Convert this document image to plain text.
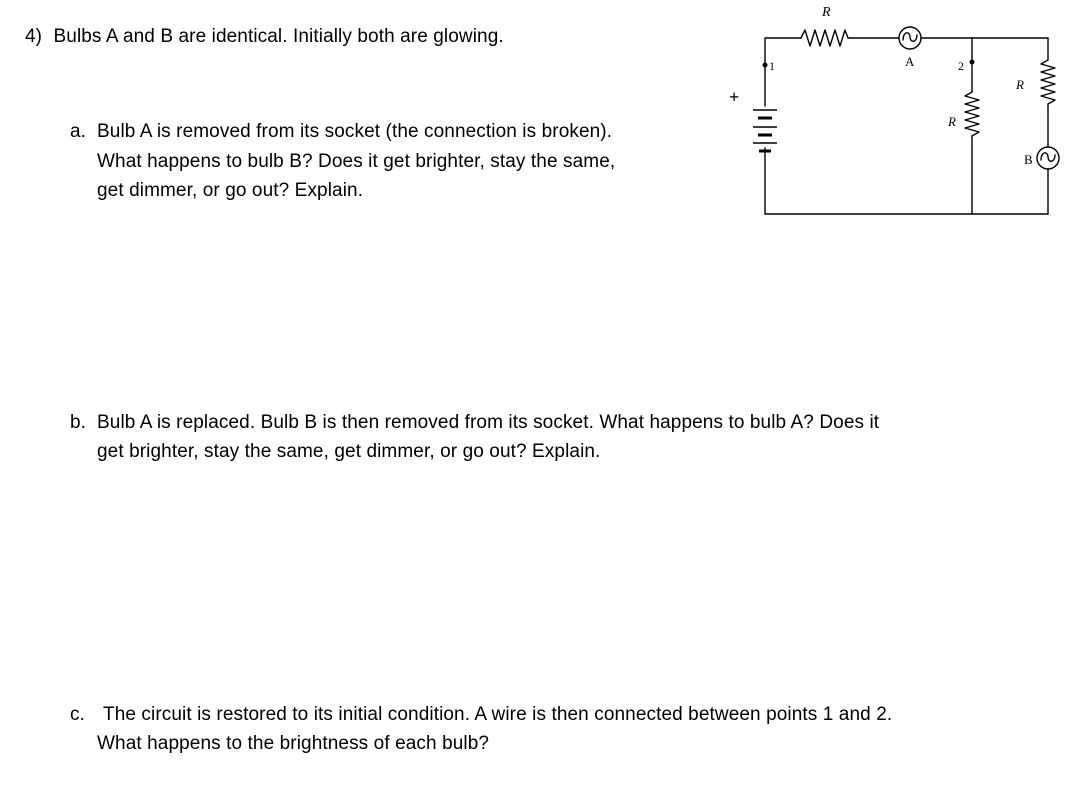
4) Bulbs A and B are identical. Initially both are glowing.
a. Bulb A is removed from its socket (the connection is broken).
What happens to bulb B? Does it get brighter, stay the same,
get dimmer, or go out? Explain.
b. Bulb A is replaced. Bulb B is then removed from its socket. What happens to bulb A? Does it
get brighter, stay the same, get dimmer, or go out? Explain.
c. The circuit is restored to its initial condition. A wire is then connected between points 1 and 2.
What happens to the brightness of each bulb?
R
A
1	2
R
R
B
+
